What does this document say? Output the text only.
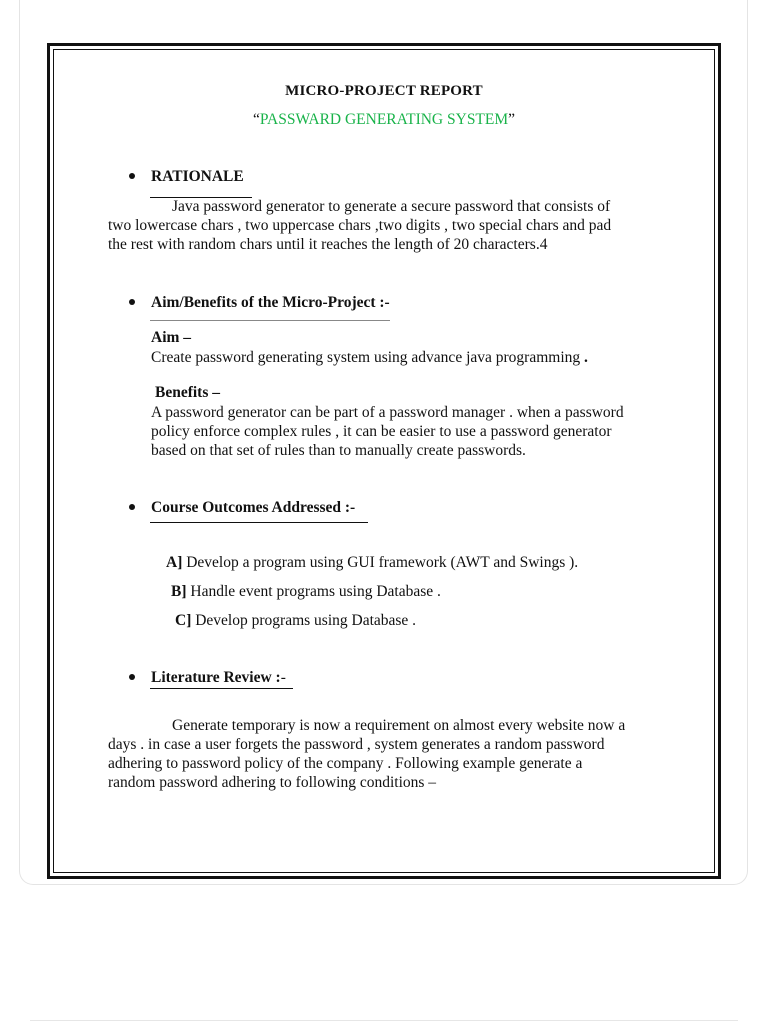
MICRO-PROJECT REPORT
“PASSWARD GENERATING SYSTEM”
RATIONALE
Java password generator to generate a secure password that consists of
two lowercase chars , two uppercase chars ,two digits , two special chars and pad
the rest with random chars until it reaches the length of 20 characters.4
Aim/Benefits of the Micro-Project :-
Aim –
Create password generating system using advance java programming .
Benefits –
A password generator can be part of a password manager . when a password
policy enforce complex rules , it can be easier to use a password generator
based on that set of rules than to manually create passwords.
Course Outcomes Addressed :-
A] Develop a program using GUI framework (AWT and Swings ).
B] Handle event programs using Database .
C] Develop programs using Database .
Literature Review :-
Generate temporary is now a requirement on almost every website now a
days . in case a user forgets the password , system generates a random password
adhering to password policy of the company . Following example generate a
random password adhering to following conditions –
